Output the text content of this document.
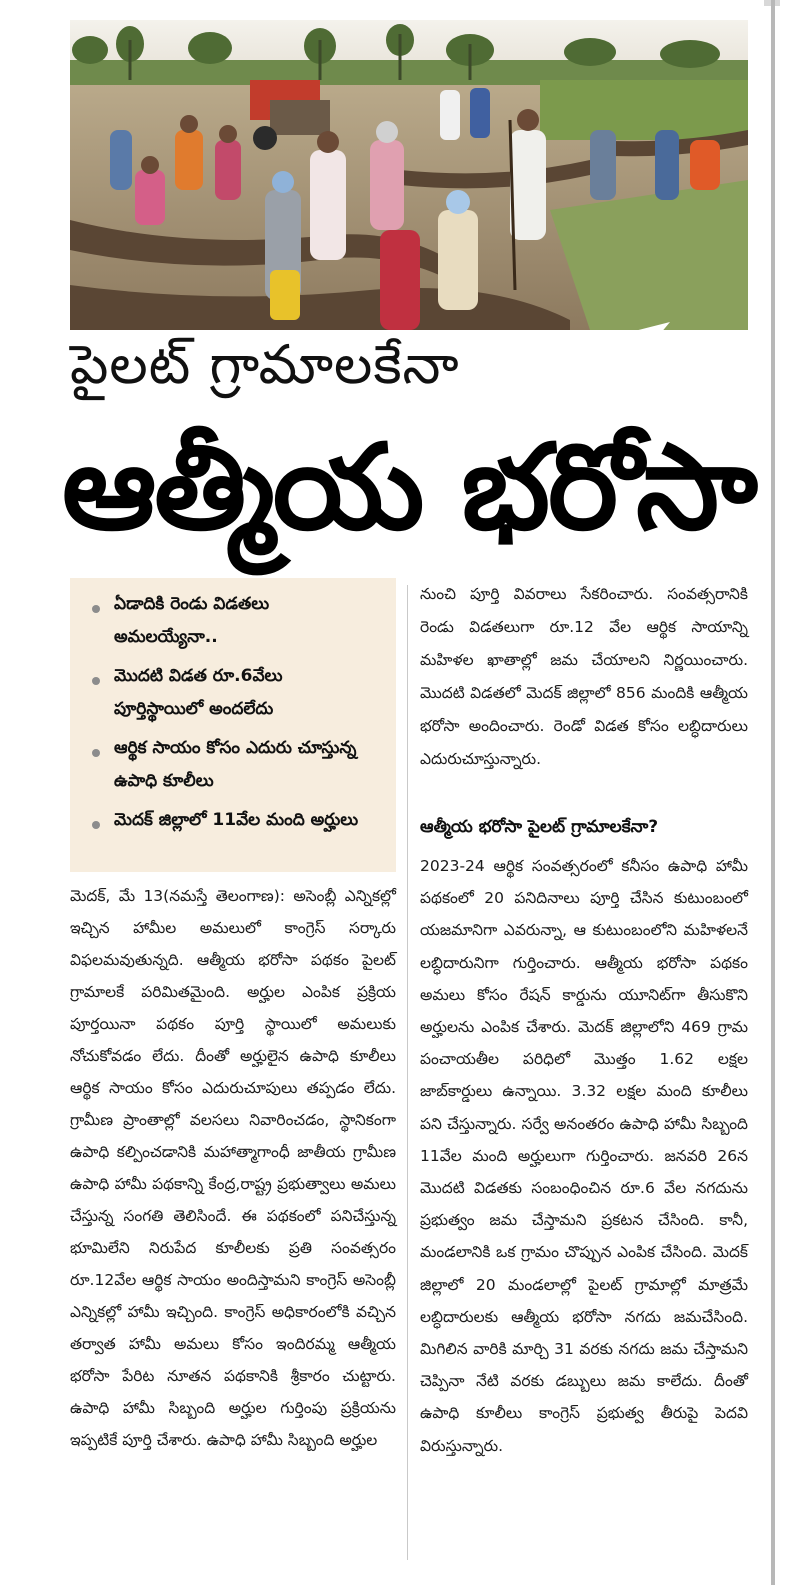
పైలట్ గ్రామాలకేనా
ఆత్మీయ భరోసా
ఏడాదికి రెండు విడతలు అమలయ్యేనా..
మొదటి విడత రూ.6వేలు పూర్తిస్థాయిలో అందలేదు
ఆర్థిక సాయం కోసం ఎదురు చూస్తున్న ఉపాధి కూలీలు
మెదక్ జిల్లాలో 11వేల మంది అర్హులు
మెదక్, మే 13(నమస్తే తెలంగాణ): అసెంబ్లీ ఎన్నికల్లో ఇచ్చిన హామీల అమలులో కాంగ్రెస్ సర్కారు విఫలమవుతున్నది. ఆత్మీయ భరోసా పథకం పైలట్ గ్రామాలకే పరిమితమైంది. అర్హుల ఎంపిక ప్రక్రియ పూర్తయినా పథకం పూర్తి స్థాయిలో అమలుకు నోచుకోవడం లేదు. దీంతో అర్హులైన ఉపాధి కూలీలు ఆర్థిక సాయం కోసం ఎదురుచూపులు తప్పడం లేదు. గ్రామీణ ప్రాంతాల్లో వలసలు నివారించడం, స్థానికంగా ఉపాధి కల్పించడానికి మహాత్మాగాంధీ జాతీయ గ్రామీణ ఉపాధి హామీ పథకాన్ని కేంద్ర,రాష్ట్ర ప్రభుత్వాలు అమలు చేస్తున్న సంగతి తెలిసిందే. ఈ పథకంలో పనిచేస్తున్న భూమిలేని నిరుపేద కూలీలకు ప్రతి సంవత్సరం రూ.12వేల ఆర్థిక సాయం అందిస్తామని కాంగ్రెస్ అసెంబ్లీ ఎన్నికల్లో హామీ ఇచ్చింది. కాంగ్రెస్ అధికారంలోకి వచ్చిన తర్వాత హామీ అమలు కోసం ఇందిరమ్మ ఆత్మీయ భరోసా పేరిట నూతన పథకానికి శ్రీకారం చుట్టారు. ఉపాధి హామీ సిబ్బంది అర్హుల గుర్తింపు ప్రక్రియను ఇప్పటికే పూర్తి చేశారు. ఉపాధి హామీ సిబ్బంది అర్హుల
నుంచి పూర్తి వివరాలు సేకరించారు. సంవత్సరానికి రెండు విడతలుగా రూ.12 వేల ఆర్థిక సాయాన్ని మహిళల ఖాతాల్లో జమ చేయాలని నిర్ణయించారు. మొదటి విడతలో మెదక్ జిల్లాలో 856 మందికి ఆత్మీయ భరోసా అందించారు. రెండో విడత కోసం లబ్ధిదారులు ఎదురుచూస్తున్నారు.
ఆత్మీయ భరోసా పైలట్ గ్రామాలకేనా?
2023-24 ఆర్థిక సంవత్సరంలో కనీసం ఉపాధి హామీ పథకంలో 20 పనిదినాలు పూర్తి చేసిన కుటుంబంలో యజమానిగా ఎవరున్నా, ఆ కుటుంబంలోని మహిళలనే లబ్ధిదారునిగా గుర్తించారు. ఆత్మీయ భరోసా పథకం అమలు కోసం రేషన్ కార్డును యూనిట్‌గా తీసుకొని అర్హులను ఎంపిక చేశారు. మెదక్ జిల్లాలోని 469 గ్రామ పంచాయతీల పరిధిలో మొత్తం 1.62 లక్షల జాబ్‌కార్డులు ఉన్నాయి. 3.32 లక్షల మంది కూలీలు పని చేస్తున్నారు. సర్వే అనంతరం ఉపాధి హామీ సిబ్బంది 11వేల మంది అర్హులుగా గుర్తించారు. జనవరి 26న మొదటి విడతకు సంబంధించిన రూ.6 వేల నగదును ప్రభుత్వం జమ చేస్తామని ప్రకటన చేసింది. కానీ, మండలానికి ఒక గ్రామం చొప్పున ఎంపిక చేసింది. మెదక్ జిల్లాలో 20 మండలాల్లో పైలట్ గ్రామాల్లో మాత్రమే లబ్ధిదారులకు ఆత్మీయ భరోసా నగదు జమచేసింది. మిగిలిన వారికి మార్చి 31 వరకు నగదు జమ చేస్తామని చెప్పినా నేటి వరకు డబ్బులు జమ కాలేదు. దీంతో ఉపాధి కూలీలు కాంగ్రెస్ ప్రభుత్వ తీరుపై పెదవి విరుస్తున్నారు.
